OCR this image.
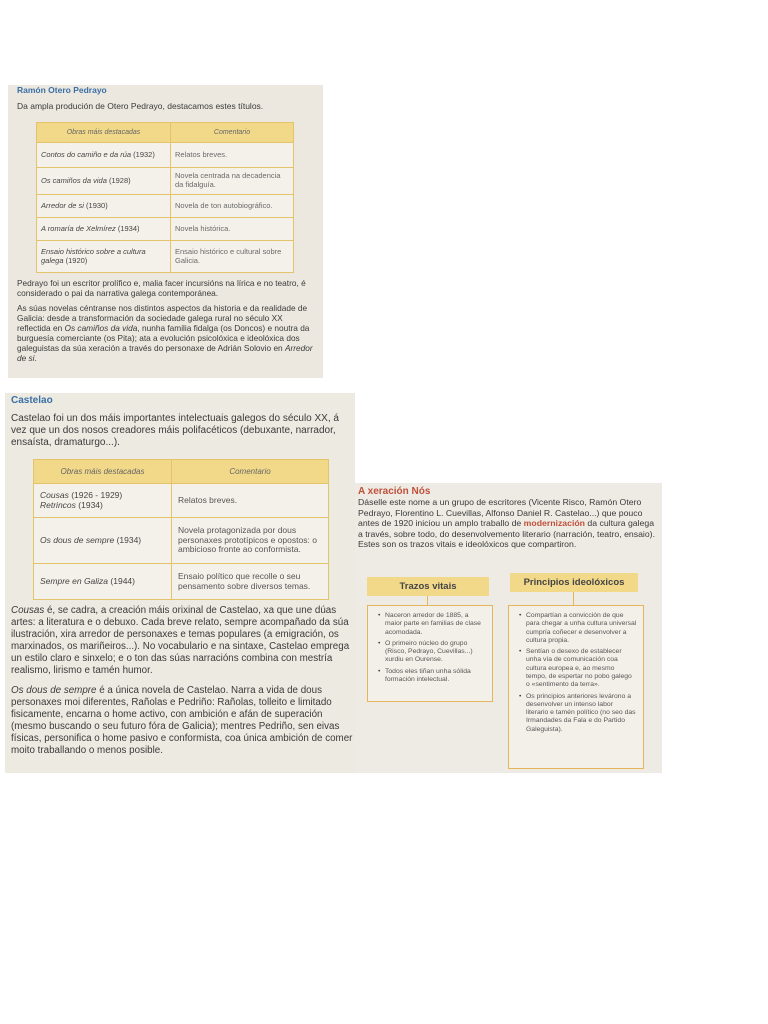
Ramón Otero Pedrayo
Da ampla produción de Otero Pedrayo, destacamos estes títulos.
Obras máis destacadas	Comentario
Contos do camiño e da rúa (1932)	Relatos breves.
Os camiños da vida (1928)	Novela centrada na decadencia da fidalguía.
Arredor de si (1930)	Novela de ton autobiográfico.
A romaría de Xelmírez (1934)	Novela histórica.
Ensaio histórico sobre a cultura galega (1920)	Ensaio histórico e cultural sobre Galicia.

Pedrayo foi un escritor prolífico e, malia facer incursións na lírica e no teatro, é considerado o pai da narrativa galega contemporánea.

As súas novelas céntranse nos distintos aspectos da historia e da realidade de Galicia: desde a transformación da sociedade galega rural no século XX reflectida en Os camiños da vida, nunha familia fidalga (os Doncos) e noutra da burguesía comerciante (os Pita); ata a evolución psicolóxica e ideolóxica dos galeguistas da súa xeración a través do personaxe de Adrián Solovio en Arredor de si.

Castelao

Castelao foi un dos máis importantes intelectuais galegos do século XX, á vez que un dos nosos creadores máis polifacéticos (debuxante, narrador, ensaísta, dramaturgo...).

Obras máis destacadas	Comentario
Cousas (1926 - 1929)
Retrincos (1934)	Relatos breves.
Os dous de sempre (1934)	Novela protagonizada por dous personaxes prototípicos e opostos: o ambicioso fronte ao conformista.
Sempre en Galiza (1944)	Ensaio político que recolle o seu pensamento sobre diversos temas.

Cousas é, se cadra, a creación máis orixinal de Castelao, xa que une dúas artes: a literatura e o debuxo. Cada breve relato, sempre acompañado da súa ilustración, xira arredor de personaxes e temas populares (a emigración, os marxinados, os mariñeiros...). No vocabulario e na sintaxe, Castelao emprega un estilo claro e sinxelo; e o ton das súas narracións combina con mestría realismo, lirismo e tamén humor.

Os dous de sempre é a única novela de Castelao. Narra a vida de dous personaxes moi diferentes, Rañolas e Pedriño: Rañolas, tolleito e limitado fisicamente, encarna o home activo, con ambición e afán de superación (mesmo buscando o seu futuro fóra de Galicia); mentres Pedriño, sen eivas físicas, personifica o home pasivo e conformista, coa única ambición de comer moito traballando o menos posible.

A xeración Nós

Dáselle este nome a un grupo de escritores (Vicente Risco, Ramón Otero Pedrayo, Florentino L. Cuevillas, Alfonso Daniel R. Castelao...) que pouco antes de 1920 iniciou un amplo traballo de modernización da cultura galega a través, sobre todo, do desenvolvemento literario (narración, teatro, ensaio). Estes son os trazos vitais e ideolóxicos que compartiron.

Trazos vitais	Principios ideolóxicos
• Naceron arredor de 1885, a maior parte en familias de clase acomodada.
• O primeiro núcleo do grupo (Risco, Pedrayo, Cuevillas...) xurdiu en Ourense.
• Todos eles tiñan unha sólida formación intelectual.
• Compartían a convicción de que para chegar a unha cultura universal cumpría coñecer e desenvolver a cultura propia.
• Sentían o desexo de establecer unha vía de comunicación coa cultura europea e, ao mesmo tempo, de espertar no pobo galego o «sentimento da terra».
• Os principios anteriores levárono a desenvolver un intenso labor literario e tamén político (no seo das Irmandades da Fala e do Partido Galeguista).
